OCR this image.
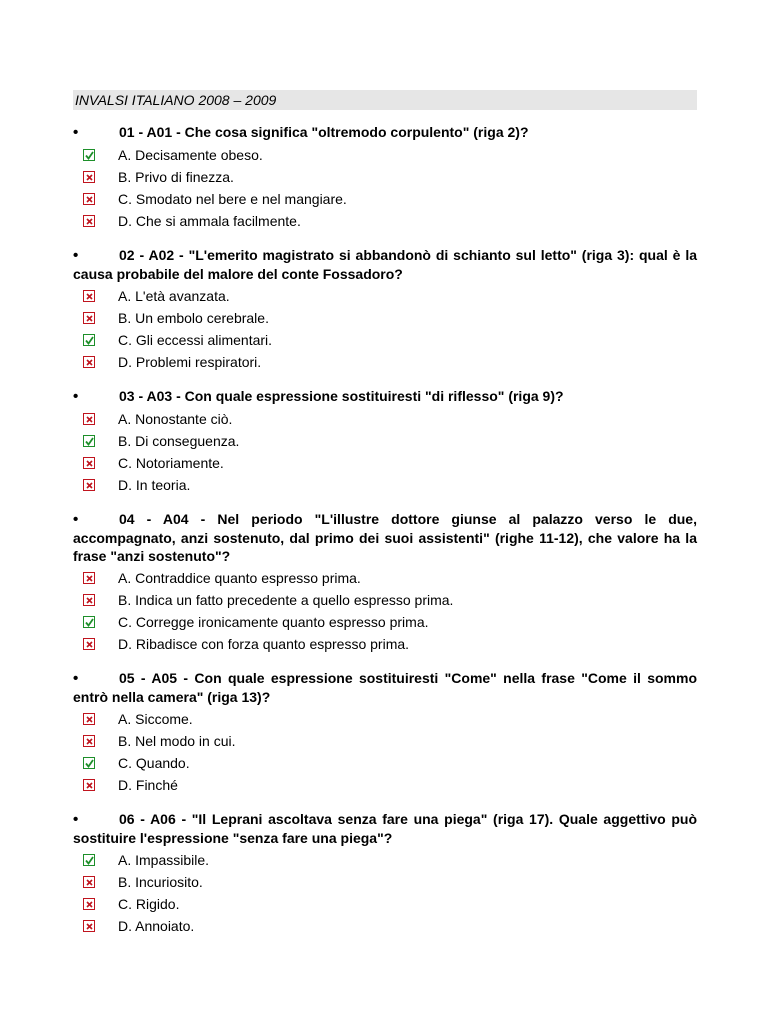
INVALSI ITALIANO 2008 – 2009
•	01 - A01 - Che cosa significa "oltremodo corpulento" (riga 2)?
A. Decisamente obeso.
B. Privo di finezza.
C. Smodato nel bere e nel mangiare.
D. Che si ammala facilmente.
•	02 - A02 - "L'emerito magistrato si abbandonò di schianto sul letto" (riga 3): qual è la causa probabile del malore del conte Fossadoro?
A. L'età avanzata.
B. Un embolo cerebrale.
C. Gli eccessi alimentari.
D. Problemi respiratori.
•	03 - A03 - Con quale espressione sostituiresti "di riflesso" (riga 9)?
A. Nonostante ciò.
B. Di conseguenza.
C. Notoriamente.
D. In teoria.
•	04 - A04 - Nel periodo "L'illustre dottore giunse al palazzo verso le due, accompagnato, anzi sostenuto, dal primo dei suoi assistenti" (righe 11-12), che valore ha la frase "anzi sostenuto"?
A. Contraddice quanto espresso prima.
B. Indica un fatto precedente a quello espresso prima.
C. Corregge ironicamente quanto espresso prima.
D. Ribadisce con forza quanto espresso prima.
•	05 - A05 - Con quale espressione sostituiresti "Come" nella frase "Come il sommo entrò nella camera" (riga 13)?
A. Siccome.
B. Nel modo in cui.
C. Quando.
D. Finché
•	06 - A06 - "Il Leprani ascoltava senza fare una piega" (riga 17). Quale aggettivo può sostituire l'espressione "senza fare una piega"?
A. Impassibile.
B. Incuriosito.
C. Rigido.
D. Annoiato.
